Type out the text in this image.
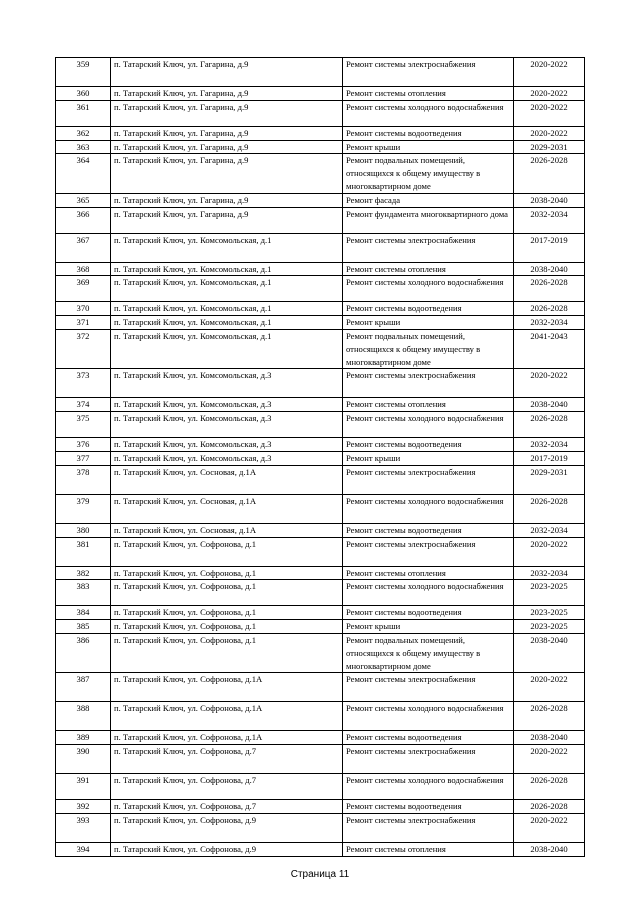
359	п. Татарский Ключ, ул. Гагарина, д.9	Ремонт системы электроснабжения	2020-2022
360	п. Татарский Ключ, ул. Гагарина, д.9	Ремонт системы отопления	2020-2022
361	п. Татарский Ключ, ул. Гагарина, д.9	Ремонт системы холодного водоснабжения	2020-2022
362	п. Татарский Ключ, ул. Гагарина, д.9	Ремонт системы водоотведения	2020-2022
363	п. Татарский Ключ, ул. Гагарина, д.9	Ремонт крыши	2029-2031
364	п. Татарский Ключ, ул. Гагарина, д.9	Ремонт подвальных помещений, относящихся к общему имуществу в многоквартирном доме	2026-2028
365	п. Татарский Ключ, ул. Гагарина, д.9	Ремонт фасада	2038-2040
366	п. Татарский Ключ, ул. Гагарина, д.9	Ремонт фундамента многоквартирного дома	2032-2034
367	п. Татарский Ключ, ул. Комсомольская, д.1	Ремонт системы электроснабжения	2017-2019
368	п. Татарский Ключ, ул. Комсомольская, д.1	Ремонт системы отопления	2038-2040
369	п. Татарский Ключ, ул. Комсомольская, д.1	Ремонт системы холодного водоснабжения	2026-2028
370	п. Татарский Ключ, ул. Комсомольская, д.1	Ремонт системы водоотведения	2026-2028
371	п. Татарский Ключ, ул. Комсомольская, д.1	Ремонт крыши	2032-2034
372	п. Татарский Ключ, ул. Комсомольская, д.1	Ремонт подвальных помещений, относящихся к общему имуществу в многоквартирном доме	2041-2043
373	п. Татарский Ключ, ул. Комсомольская, д.3	Ремонт системы электроснабжения	2020-2022
374	п. Татарский Ключ, ул. Комсомольская, д.3	Ремонт системы отопления	2038-2040
375	п. Татарский Ключ, ул. Комсомольская, д.3	Ремонт системы холодного водоснабжения	2026-2028
376	п. Татарский Ключ, ул. Комсомольская, д.3	Ремонт системы водоотведения	2032-2034
377	п. Татарский Ключ, ул. Комсомольская, д.3	Ремонт крыши	2017-2019
378	п. Татарский Ключ, ул. Сосновая, д.1А	Ремонт системы электроснабжения	2029-2031
379	п. Татарский Ключ, ул. Сосновая, д.1А	Ремонт системы холодного водоснабжения	2026-2028
380	п. Татарский Ключ, ул. Сосновая, д.1А	Ремонт системы водоотведения	2032-2034
381	п. Татарский Ключ, ул. Софронова, д.1	Ремонт системы электроснабжения	2020-2022
382	п. Татарский Ключ, ул. Софронова, д.1	Ремонт системы отопления	2032-2034
383	п. Татарский Ключ, ул. Софронова, д.1	Ремонт системы холодного водоснабжения	2023-2025
384	п. Татарский Ключ, ул. Софронова, д.1	Ремонт системы водоотведения	2023-2025
385	п. Татарский Ключ, ул. Софронова, д.1	Ремонт крыши	2023-2025
386	п. Татарский Ключ, ул. Софронова, д.1	Ремонт подвальных помещений, относящихся к общему имуществу в многоквартирном доме	2038-2040
387	п. Татарский Ключ, ул. Софронова, д.1А	Ремонт системы электроснабжения	2020-2022
388	п. Татарский Ключ, ул. Софронова, д.1А	Ремонт системы холодного водоснабжения	2026-2028
389	п. Татарский Ключ, ул. Софронова, д.1А	Ремонт системы водоотведения	2038-2040
390	п. Татарский Ключ, ул. Софронова, д.7	Ремонт системы электроснабжения	2020-2022
391	п. Татарский Ключ, ул. Софронова, д.7	Ремонт системы холодного водоснабжения	2026-2028
392	п. Татарский Ключ, ул. Софронова, д.7	Ремонт системы водоотведения	2026-2028
393	п. Татарский Ключ, ул. Софронова, д.9	Ремонт системы электроснабжения	2020-2022
394	п. Татарский Ключ, ул. Софронова, д.9	Ремонт системы отопления	2038-2040
Страница 11
